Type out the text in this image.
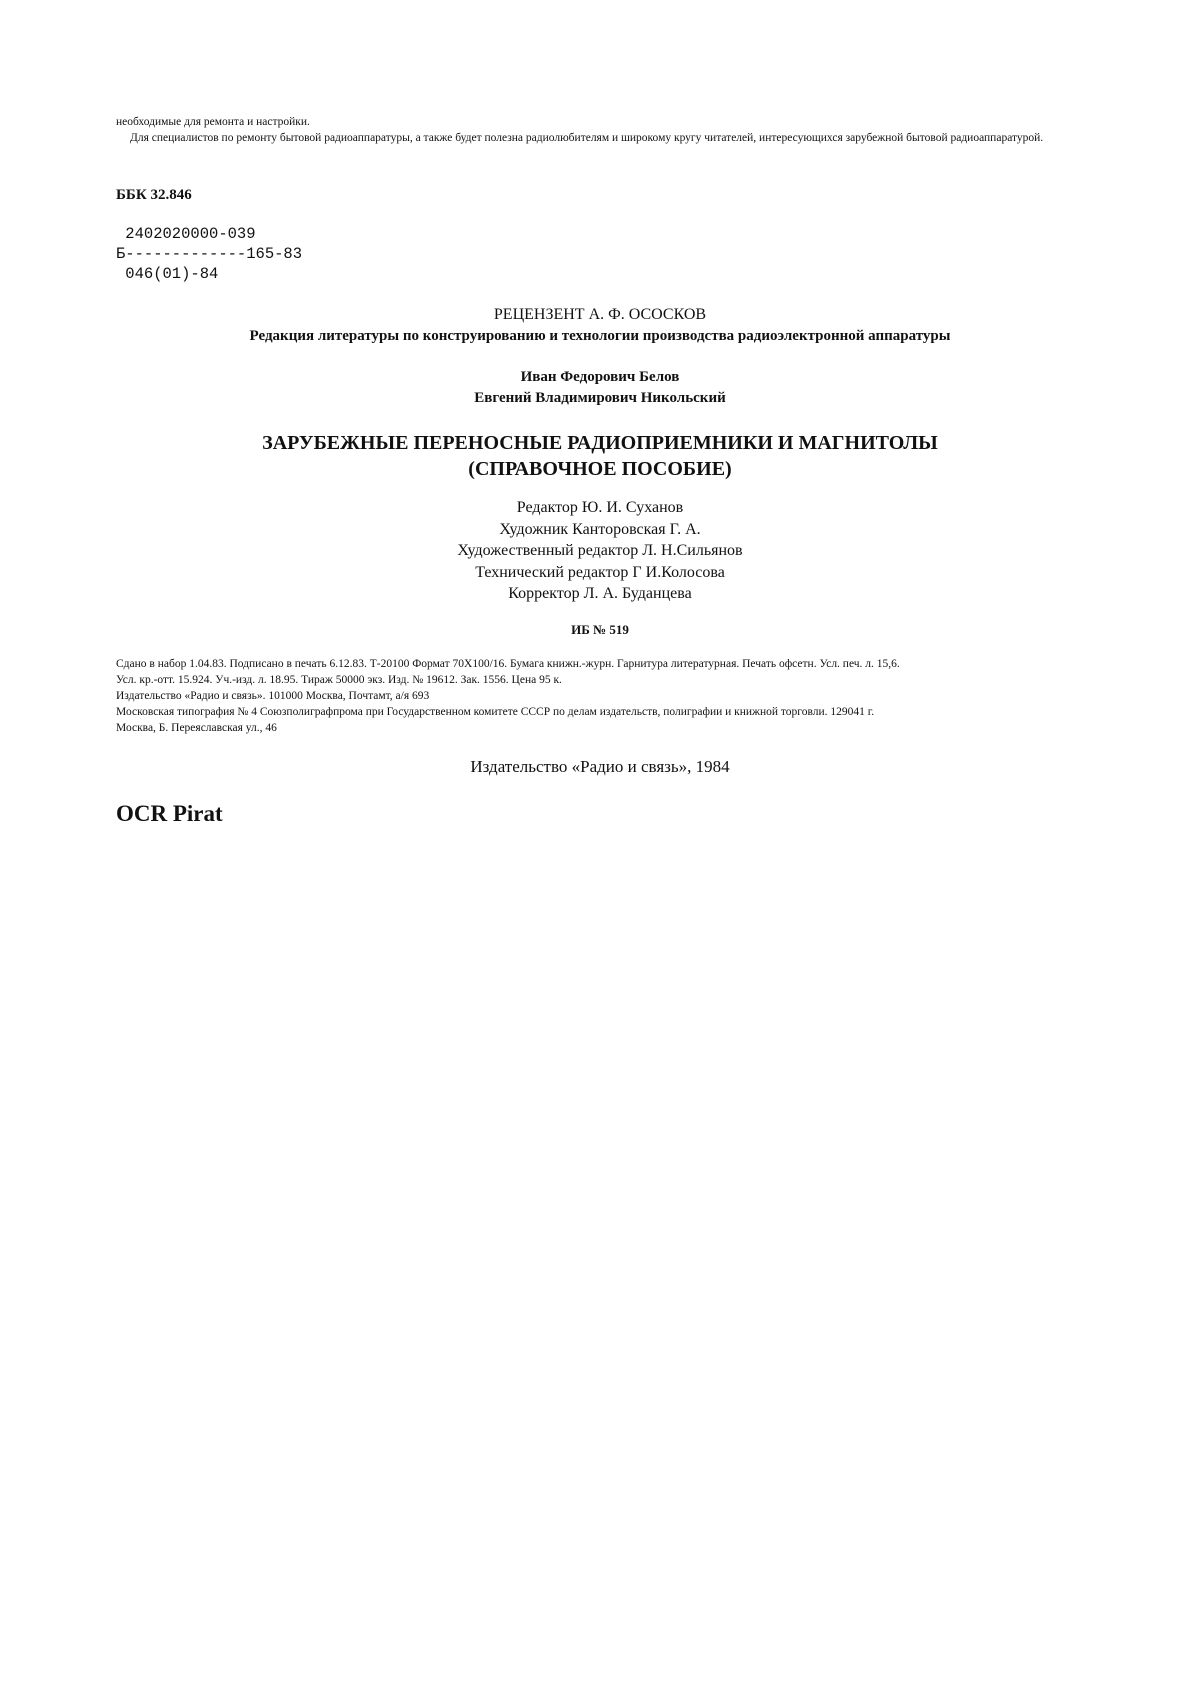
необходимые для ремонта и настройки.

Для специалистов по ремонту бытовой радиоаппаратуры, а также будет полезна радиолюбителям и широкому кругу читателей, интересующихся зарубежной бытовой радиоаппаратурой.

ББК 32.846
2402020000-039
Б-------------165-83
046(01)-84
РЕЦЕНЗЕНТ А. Ф. ОСОСКОВ
Редакция литературы по конструированию и технологии производства радиоэлектронной аппаратуры
Иван Федорович Белов
Евгений Владимирович Никольский
ЗАРУБЕЖНЫЕ ПЕРЕНОСНЫЕ РАДИОПРИЕМНИКИ И МАГНИТОЛЫ
(СПРАВОЧНОЕ ПОСОБИЕ)
Редактор Ю. И. Суханов
Художник Канторовская Г. А.
Художественный редактор Л. Н.Сильянов
Технический редактор Г И.Колосова
Корректор Л. А. Буданцева
ИБ № 519
Сдано в набор 1.04.83. Подписано в печать 6.12.83. Т-20100 Формат 70Х100/16. Бумага книжн.-журн. Гарнитура литературная. Печать офсетн. Усл. печ. л. 15,6.
Усл. кр.-отт. 15.924. Уч.-изд. л. 18.95. Тираж 50000 экз. Изд. № 19612. Зак. 1556. Цена 95 к.
Издательство «Радио и связь». 101000 Москва, Почтамт, а/я 693
Московская типография № 4 Союзполиграфпрома при Государственном комитете СССР по делам издательств, полиграфии и книжной торговли. 129041 г.
Москва, Б. Переяславская ул., 46
Издательство «Радио и связь», 1984
OCR Pirat
